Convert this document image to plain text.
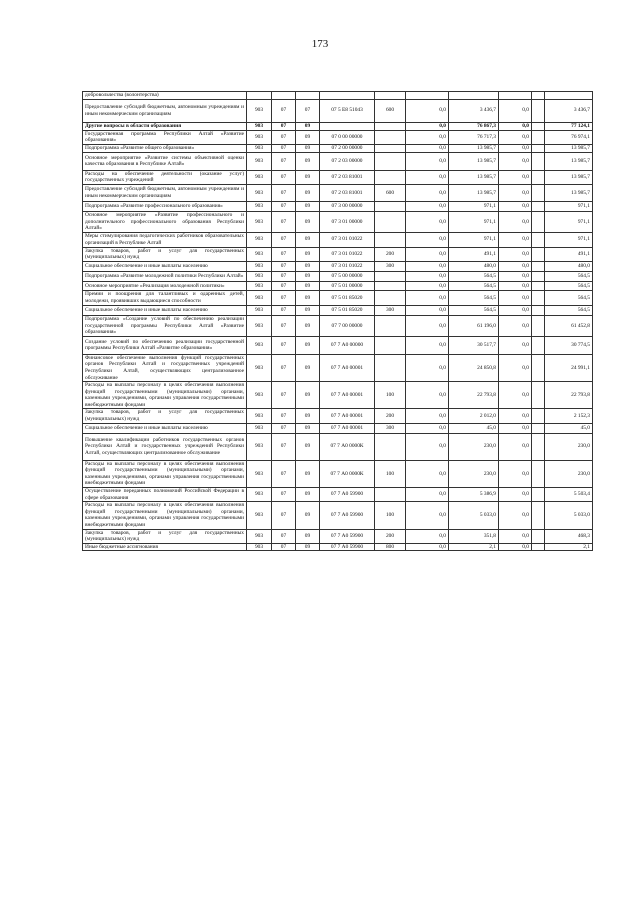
173
добровольчества (волонтерства)										
Предоставление субсидий бюджетным, автономным учреждениям и иным некоммерческим организациям	903	07	07	07 5 E8 51043	600	0,0	3 436,7	0,0		3 436,7
Другие вопросы в области образования	903	07	09			0,0	76 867,3	0,0		77 124,1
Государственная программа Республики Алтай «Развитие образования»	903	07	09	07 0 00 00000		0,0	76 717,3	0,0		76 974,1
Подпрограмма «Развитие общего образования»	903	07	09	07 2 00 00000		0,0	13 985,7	0,0		13 985,7
Основное мероприятие «Развитие системы объективной оценки качества образования в Республике Алтай»	903	07	09	07 2 03 00000		0,0	13 985,7	0,0		13 985,7
Расходы на обеспечение деятельности (оказание услуг) государственных учреждений	903	07	09	07 2 03 81001		0,0	13 985,7	0,0		13 985,7
Предоставление субсидий бюджетным, автономным учреждениям и иным некоммерческим организациям	903	07	09	07 2 03 81001	600	0,0	13 985,7	0,0		13 985,7
Подпрограмма «Развитие профессионального образования»	903	07	09	07 3 00 00000		0,0	971,1	0,0		971,1
Основное мероприятие «Развитие профессионального и дополнительного профессионального образования Республики Алтай»	903	07	09	07 3 01 00000		0,0	971,1	0,0		971,1
Меры стимулирования педагогических работников образовательных организаций в Республике Алтай	903	07	09	07 3 01 01022		0,0	971,1	0,0		971,1
Закупка товаров, работ и услуг для государственных (муниципальных) нужд	903	07	09	07 3 01 01022	200	0,0	491,1	0,0		491,1
Социальное обеспечение и иные выплаты населению	903	07	09	07 3 01 01022	300	0,0	480,0	0,0		480,0
Подпрограмма «Развитие молодежной политики Республики Алтай»	903	07	09	07 5 00 00000		0,0	564,5	0,0		564,5
Основное мероприятие «Реализация молодежной политики»	903	07	09	07 5 01 00000		0,0	564,5	0,0		564,5
Премии и поощрения для талантливых и одаренных детей, молодежи, проявивших выдающиеся способности	903	07	09	07 5 01 85020		0,0	564,5	0,0		564,5
Социальное обеспечение и иные выплаты населению	903	07	09	07 5 01 85020	300	0,0	564,5	0,0		564,5
Подпрограмма «Создание условий по обеспечению реализации государственной программы Республики Алтай «Развитие образования»	903	07	09	07 7 00 00000		0,0	61 196,0	0,0		61 452,8
Создание условий по обеспечению реализации государственной программы Республики Алтай «Развитие образования»	903	07	09	07 7 А0 00000		0,0	30 517,7	0,0		30 774,5
Финансовое обеспечение выполнения функций государственных органов Республики Алтай и государственных учреждений Республики Алтай, осуществляющих централизованное обслуживание	903	07	09	07 7 А0 00001		0,0	24 850,8	0,0		24 991,1
Расходы на выплаты персоналу в целях обеспечения выполнения функций государственными (муниципальными) органами, казенными учреждениями, органами управления государственными внебюджетными фондами	903	07	09	07 7 А0 00001	100	0,0	22 793,8	0,0		22 793,8
Закупка товаров, работ и услуг для государственных (муниципальных) нужд	903	07	09	07 7 А0 00001	200	0,0	2 012,0	0,0		2 152,3
Социальное обеспечение и иные выплаты населению	903	07	09	07 7 А0 00001	300	0,0	45,0	0,0		45,0
Повышение квалификации работников государственных органов Республики Алтай и государственных учреждений Республики Алтай, осуществляющих централизованное обслуживание	903	07	09	07 7 А0 0000К		0,0	230,0	0,0		230,0
Расходы на выплаты персоналу в целях обеспечения выполнения функций государственными (муниципальными) органами, казенными учреждениями, органами управления государственными внебюджетными фондами	903	07	09	07 7 А0 0000К	100	0,0	230,0	0,0		230,0
Осуществление переданных полномочий Российской Федерации в сфере образования	903	07	09	07 7 А0 59900		0,0	5 386,9	0,0		5 503,4
Расходы на выплаты персоналу в целях обеспечения выполнения функций государственными (муниципальными) органами, казенными учреждениями, органами управления государственными внебюджетными фондами	903	07	09	07 7 А0 59900	100	0,0	5 033,0	0,0		5 033,0
Закупка товаров, работ и услуг для государственных (муниципальных) нужд	903	07	09	07 7 А0 59900	200	0,0	351,8	0,0		468,3
Иные бюджетные ассигнования	903	07	09	07 7 А0 59900	800	0,0	2,1	0,0		2,1
